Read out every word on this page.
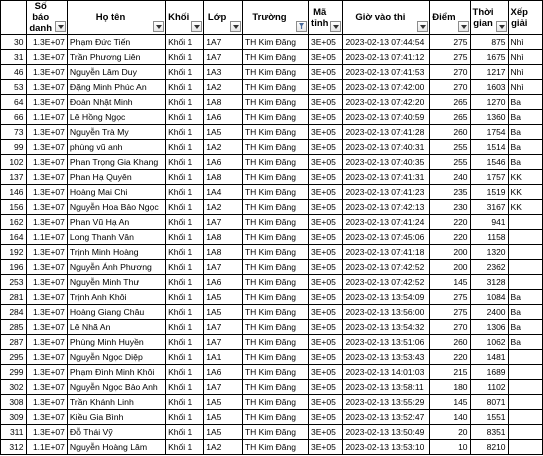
	Số báo danh	Họ tên	Khối	Lớp	Trường	Mã tỉnh	Giờ vào thi	Điểm	Thời gian	Xếp giải
30	1.3E+07	Phạm Đức Tiến	Khối 1	1A7	TH Kim Đăng	3E+05	2023-02-13 07:44:54	275	875	Nhì
31	1.3E+07	Trần Phương Liên	Khối 1	1A7	TH Kim Đăng	3E+05	2023-02-13 07:41:12	275	1675	Nhì
46	1.3E+07	Nguyễn Lâm Duy	Khối 1	1A3	TH Kim Đăng	3E+05	2023-02-13 07:41:53	270	1217	Nhì
53	1.3E+07	Đặng Minh Phúc An	Khối 1	1A2	TH Kim Đăng	3E+05	2023-02-13 07:42:00	270	1603	Nhì
64	1.3E+07	Đoàn Nhật Minh	Khối 1	1A8	TH Kim Đăng	3E+05	2023-02-13 07:42:20	265	1270	Ba
66	1.1E+07	Lê Hồng Ngọc	Khối 1	1A6	TH Kim Đăng	3E+05	2023-02-13 07:40:59	265	1360	Ba
73	1.3E+07	Nguyễn Trà My	Khối 1	1A5	TH Kim Đăng	3E+05	2023-02-13 07:41:28	260	1754	Ba
99	1.3E+07	phùng vũ anh	Khối 1	1A2	TH Kim Đăng	3E+05	2023-02-13 07:40:31	255	1514	Ba
102	1.3E+07	Phan Trọng Gia Khang	Khối 1	1A6	TH Kim Đăng	3E+05	2023-02-13 07:40:35	255	1546	Ba
137	1.3E+07	Phan Hạ Quyên	Khối 1	1A8	TH Kim Đăng	3E+05	2023-02-13 07:41:31	240	1757	KK
146	1.3E+07	Hoàng Mai Chi	Khối 1	1A4	TH Kim Đăng	3E+05	2023-02-13 07:41:23	235	1519	KK
156	1.3E+07	Nguyễn Hoa Bảo Ngọc	Khối 1	1A2	TH Kim Đăng	3E+05	2023-02-13 07:42:13	230	3167	KK
162	1.3E+07	Phan Vũ Hạ An	Khối 1	1A7	TH Kim Đăng	3E+05	2023-02-13 07:41:24	220	941	
164	1.1E+07	Long Thanh Vân	Khối 1	1A8	TH Kim Đăng	3E+05	2023-02-13 07:45:06	220	1158	
192	1.3E+07	Trịnh Minh Hoàng	Khối 1	1A8	TH Kim Đăng	3E+05	2023-02-13 07:41:18	200	1320	
196	1.3E+07	Nguyễn Ánh Phương	Khối 1	1A7	TH Kim Đăng	3E+05	2023-02-13 07:42:52	200	2362	
253	1.3E+07	Nguyễn Minh Thư	Khối 1	1A6	TH Kim Đăng	3E+05	2023-02-13 07:42:52	145	3128	
281	1.3E+07	Trịnh Anh Khôi	Khối 1	1A5	TH Kim Đăng	3E+05	2023-02-13 13:54:09	275	1084	Ba
284	1.3E+07	Hoàng Giang Châu	Khối 1	1A5	TH Kim Đăng	3E+05	2023-02-13 13:56:00	275	2400	Ba
285	1.3E+07	Lê Nhã An	Khối 1	1A7	TH Kim Đăng	3E+05	2023-02-13 13:54:32	270	1306	Ba
287	1.3E+07	Phùng Minh Huyền	Khối 1	1A7	TH Kim Đăng	3E+05	2023-02-13 13:51:06	260	1062	Ba
295	1.3E+07	Nguyễn Ngọc Diệp	Khối 1	1A1	TH Kim Đăng	3E+05	2023-02-13 13:53:43	220	1481	
299	1.3E+07	Phạm Đình Minh Khôi	Khối 1	1A6	TH Kim Đăng	3E+05	2023-02-13 14:01:03	215	1689	
302	1.3E+07	Nguyễn Ngọc Bảo Anh	Khối 1	1A7	TH Kim Đăng	3E+05	2023-02-13 13:58:11	180	1102	
308	1.3E+07	Trần Khánh Linh	Khối 1	1A5	TH Kim Đăng	3E+05	2023-02-13 13:55:29	145	8071	
309	1.3E+07	Kiều Gia Bình	Khối 1	1A5	TH Kim Đăng	3E+05	2023-02-13 13:52:47	140	1551	
311	1.3E+07	Đỗ Thái Vỹ	Khối 1	1A5	TH Kim Đăng	3E+05	2023-02-13 13:50:49	20	8351	
312	1.1E+07	Nguyễn Hoàng Lâm	Khối 1	1A2	TH Kim Đăng	3E+05	2023-02-13 13:53:10	10	8210	
